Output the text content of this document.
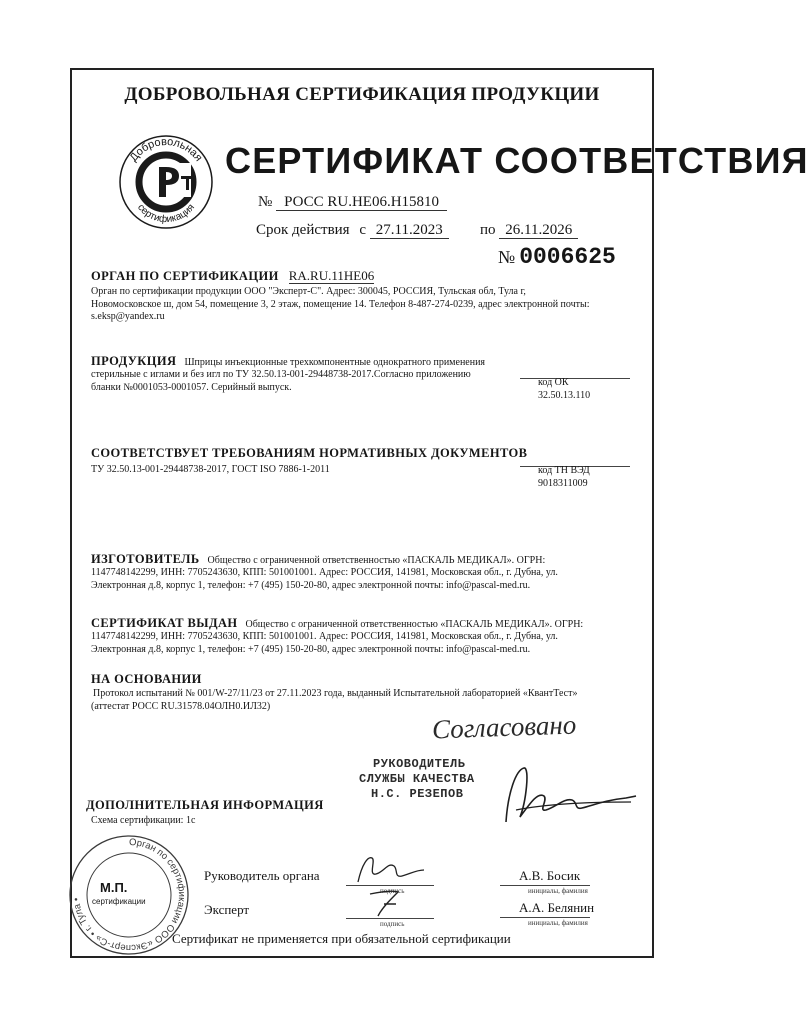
ДОБРОВОЛЬНАЯ СЕРТИФИКАЦИЯ ПРОДУКЦИИ
Добровольная
сертификация
СЕРТИФИКАТ СООТВЕТСТВИЯ
№ РОСС RU.НЕ06.Н15810
Срок действия с 27.11.2023	по 26.11.2026
№ 0006625
ОРГАН ПО СЕРТИФИКАЦИИ RA.RU.11НЕ06
Орган по сертификации продукции ООО "Эксперт-С". Адрес: 300045, РОССИЯ, Тульская обл, Тула г,
Новомосковское ш, дом 54, помещение 3, 2 этаж, помещение 14. Телефон 8-487-274-0239, адрес электронной почты:
s.eksp@yandex.ru
ПРОДУКЦИЯ Шприцы инъекционные трехкомпонентные однократного применения
стерильные с иглами и без игл по ТУ 32.50.13-001-29448738-2017.Согласно приложению
бланки №0001053-0001057. Серийный выпуск.	код ОК
32.50.13.110
СООТВЕТСТВУЕТ ТРЕБОВАНИЯМ НОРМАТИВНЫХ ДОКУМЕНТОВ
ТУ 32.50.13-001-29448738-2017, ГОСТ ISO 7886-1-2011	код ТН ВЭД
9018311009
ИЗГОТОВИТЕЛЬ Общество с ограниченной ответственностью «ПАСКАЛЬ МЕДИКАЛ». ОГРН:
1147748142299, ИНН: 7705243630, КПП: 501001001. Адрес: РОССИЯ, 141981, Московская обл., г. Дубна, ул.
Электронная д.8, корпус 1, телефон: +7 (495) 150-20-80, адрес электронной почты: info@pascal-med.ru.
СЕРТИФИКАТ ВЫДАН Общество с ограниченной ответственностью «ПАСКАЛЬ МЕДИКАЛ». ОГРН:
1147748142299, ИНН: 7705243630, КПП: 501001001. Адрес: РОССИЯ, 141981, Московская обл., г. Дубна, ул.
Электронная д.8, корпус 1, телефон: +7 (495) 150-20-80, адрес электронной почты: info@pascal-med.ru.
НА ОСНОВАНИИ
Протокол испытаний № 001/W-27/11/23 от 27.11.2023 года, выданный Испытательной лабораторией «КвантТест»
(аттестат РОСС RU.31578.04ОЛН0.ИЛ32)
Согласовано
РУКОВОДИТЕЛЬ
СЛУЖБЫ КАЧЕСТВА
Н.С. РЕЗЕПОВ
ДОПОЛНИТЕЛЬНАЯ ИНФОРМАЦИЯ
Схема сертификации: 1с
Орган по сертификации ООО «Эксперт-С» • г. Тула •
М.П.
сертификации
Руководитель органа
подпись
А.В. Босик
инициалы, фамилия
Эксперт
подпись
А.А. Белянин
инициалы, фамилия
Сертификат не применяется при обязательной сертификации
